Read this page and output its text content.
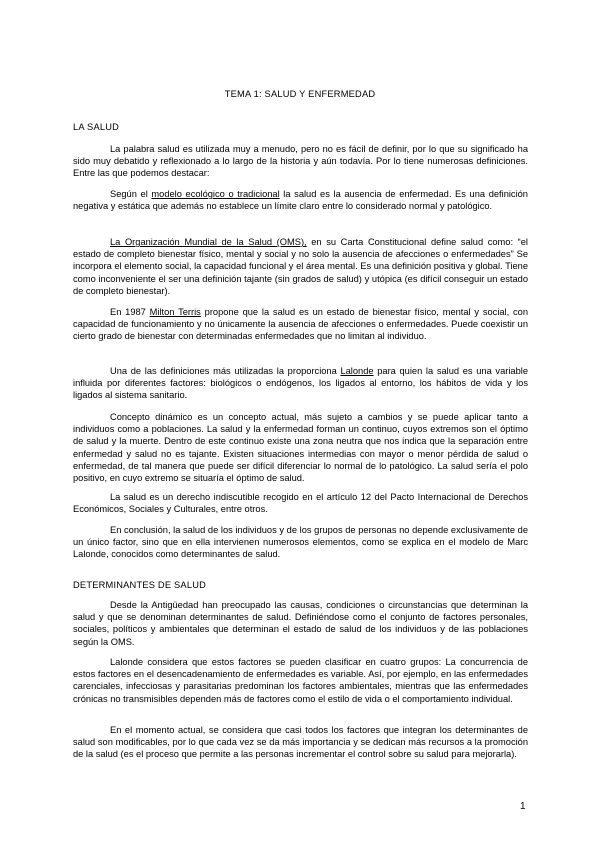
TEMA 1: SALUD Y ENFERMEDAD
LA SALUD

La palabra salud es utilizada muy a menudo, pero no es fácil de definir, por lo que su significado ha sido muy debatido y reflexionado a lo largo de la historia y aún todavía. Por lo tiene numerosas definiciones. Entre las que podemos destacar:

Según el modelo ecológico o tradicional la salud es la ausencia de enfermedad. Es una definición negativa y estática que además no establece un límite claro entre lo considerado normal y patológico.

La Organización Mundial de la Salud (OMS), en su Carta Constitucional define salud como: “el estado de completo bienestar físico, mental y social y no solo la ausencia de afecciones o enfermedades” Se incorpora el elemento social, la capacidad funcional y el área mental. Es una definición positiva y global. Tiene como inconveniente el ser una definición tajante (sin grados de salud) y utópica (es difícil conseguir un estado de completo bienestar).

En 1987 Milton Terris propone que la salud es un estado de bienestar físico, mental y social, con capacidad de funcionamiento y no únicamente la ausencia de afecciones o enfermedades. Puede coexistir un cierto grado de bienestar con determinadas enfermedades que no limitan al individuo.

Una de las definiciones más utilizadas la proporciona Lalonde para quien la salud es una variable influida por diferentes factores: biológicos o endógenos, los ligados al entorno, los hábitos de vida y los ligados al sistema sanitario.

Concepto dinámico es un concepto actual, más sujeto a cambios y se puede aplicar tanto a individuos como a poblaciones. La salud y la enfermedad forman un continuo, cuyos extremos son el óptimo de salud y la muerte. Dentro de este continuo existe una zona neutra que nos indica que la separación entre enfermedad y salud no es tajante. Existen situaciones intermedias con mayor o menor pérdida de salud o enfermedad, de tal manera que puede ser difícil diferenciar lo normal de lo patológico. La salud sería el polo positivo, en cuyo extremo se situaría el óptimo de salud.

La salud es un derecho indiscutible recogido en el artículo 12 del Pacto Internacional de Derechos Económicos, Sociales y Culturales, entre otros.

En conclusión, la salud de los individuos y de los grupos de personas no depende exclusivamente de un único factor, sino que en ella intervienen numerosos elementos, como se explica en el modelo de Marc Lalonde, conocidos como determinantes de salud.

DETERMINANTES DE SALUD

Desde la Antigüedad han preocupado las causas, condiciones o circunstancias que determinan la salud y que se denominan determinantes de salud. Definiéndose como el conjunto de factores personales, sociales, políticos y ambientales que determinan el estado de salud de los individuos y de las poblaciones según la OMS.

Lalonde considera que estos factores se pueden clasificar en cuatro grupos: La concurrencia de estos factores en el desencadenamiento de enfermedades es variable. Así, por ejemplo, en las enfermedades carenciales, infecciosas y parasitarias predominan los factores ambientales, mientras que las enfermedades crónicas no transmisibles dependen más de factores como el estilo de vida o el comportamiento individual.

En el momento actual, se considera que casi todos los factores que integran los determinantes de salud son modificables, por lo que cada vez se da más importancia y se dedican más recursos a la promoción de la salud (es el proceso que permite a las personas incrementar el control sobre su salud para mejorarla).

1
